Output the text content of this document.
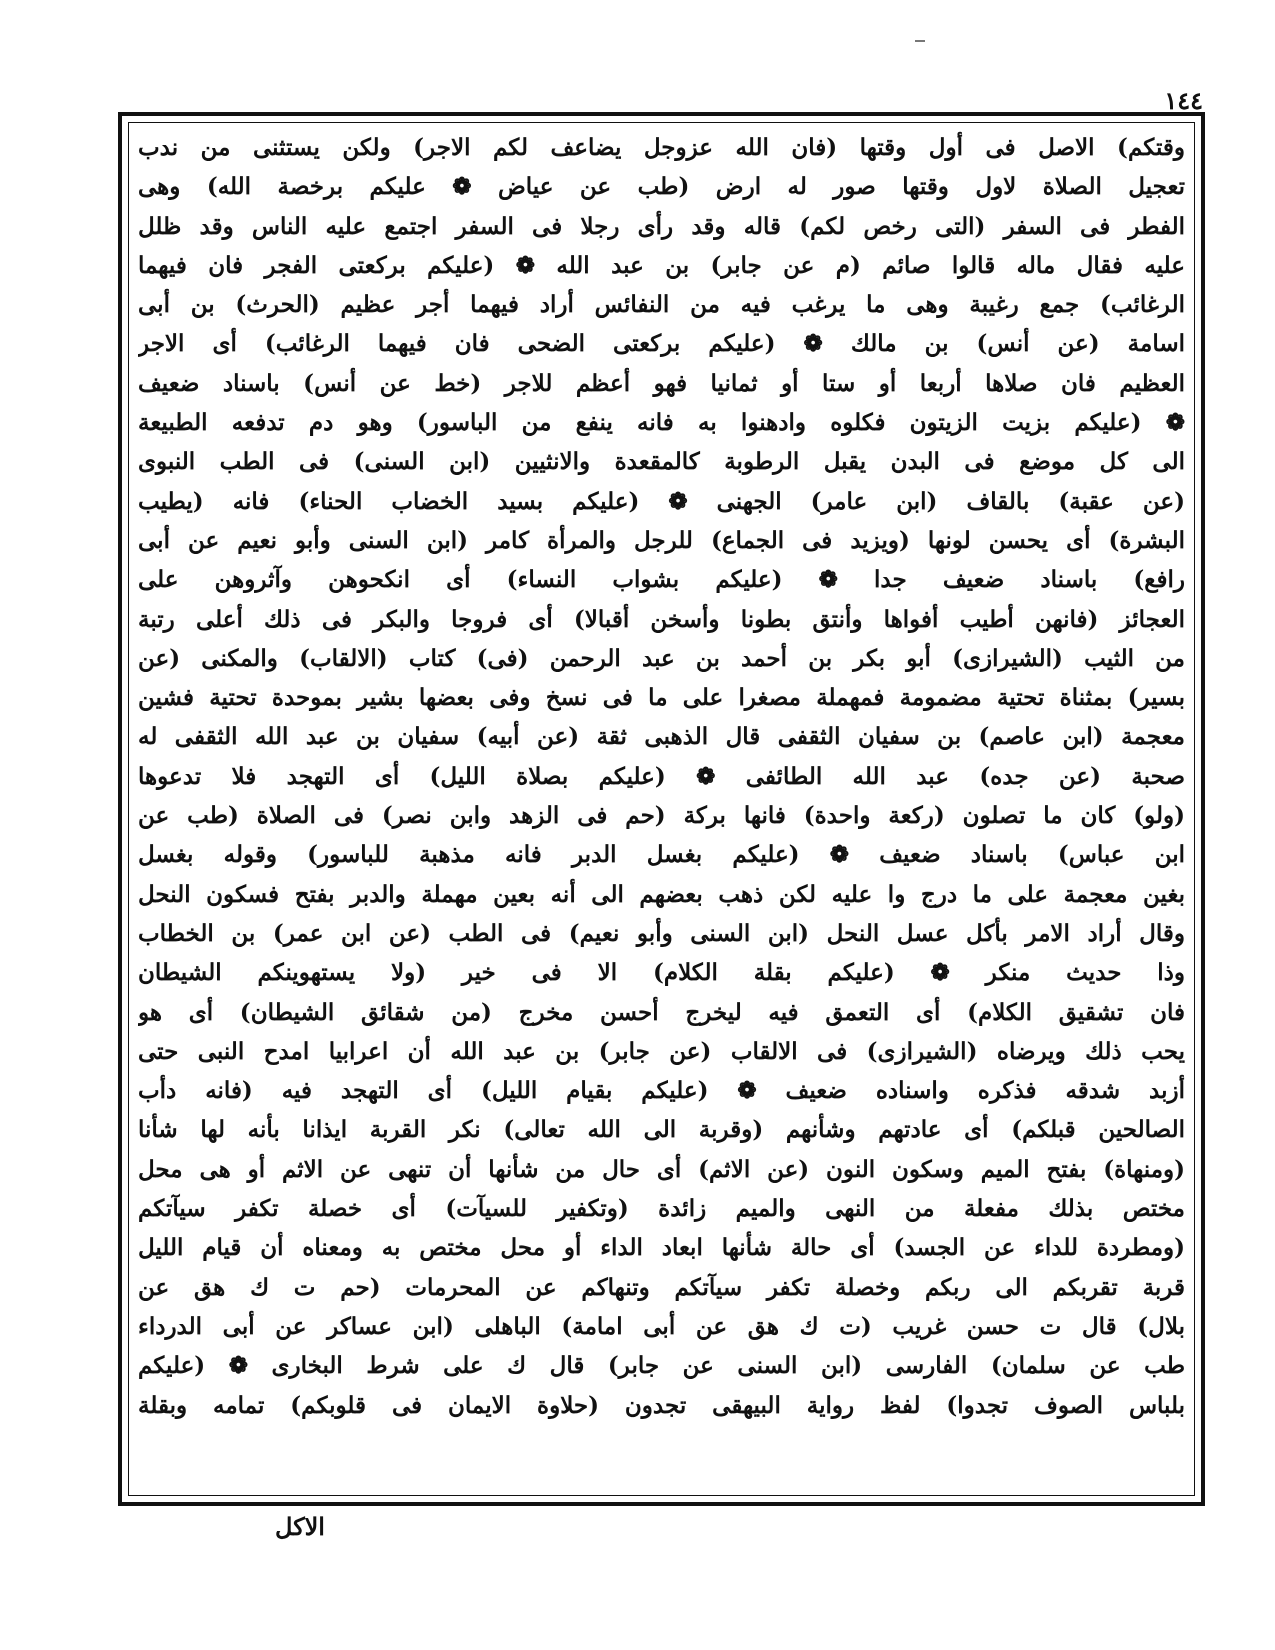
١٤٤
وقتكم) الاصل فى أول وقتها (فان الله عزوجل يضاعف لكم الاجر) ولكن يستثنى من ندب
تعجيل الصلاة لاول وقتها صور له ارض (طب عن عياض ❁ عليكم برخصة الله) وهى
الفطر فى السفر (التى رخص لكم) قاله وقد رأى رجلا فى السفر اجتمع عليه الناس وقد ظلل
عليه فقال ماله قالوا صائم (م عن جابر) بن عبد الله ❁ (عليكم بركعتى الفجر فان فيهما
الرغائب) جمع رغيبة وهى ما يرغب فيه من النفائس أراد فيهما أجر عظيم (الحرث) بن أبى
اسامة (عن أنس) بن مالك ❁ (عليكم بركعتى الضحى فان فيهما الرغائب) أى الاجر
العظيم فان صلاها أربعا أو ستا أو ثمانيا فهو أعظم للاجر (خط عن أنس) باسناد ضعيف
❁ (عليكم بزيت الزيتون فكلوه وادهنوا به فانه ينفع من الباسور) وهو دم تدفعه الطبيعة
الى كل موضع فى البدن يقبل الرطوبة كالمقعدة والانثيين (ابن السنى) فى الطب النبوى
(عن عقبة) بالقاف (ابن عامر) الجهنى ❁ (عليكم بسيد الخضاب الحناء) فانه (يطيب
البشرة) أى يحسن لونها (ويزيد فى الجماع) للرجل والمرأة كامر (ابن السنى وأبو نعيم عن أبى
رافع) باسناد ضعيف جدا ❁ (عليكم بشواب النساء) أى انكحوهن وآثروهن على
العجائز (فانهن أطيب أفواها وأنتق بطونا وأسخن أقبالا) أى فروجا والبكر فى ذلك أعلى رتبة
من الثيب (الشيرازى) أبو بكر بن أحمد بن عبد الرحمن (فى) كتاب (الالقاب) والمكنى (عن
بسير) بمثناة تحتية مضمومة فمهملة مصغرا على ما فى نسخ وفى بعضها بشير بموحدة تحتية فشين
معجمة (ابن عاصم) بن سفيان الثقفى قال الذهبى ثقة (عن أبيه) سفيان بن عبد الله الثقفى له
صحبة (عن جده) عبد الله الطائفى ❁ (عليكم بصلاة الليل) أى التهجد فلا تدعوها
(ولو) كان ما تصلون (ركعة واحدة) فانها بركة (حم فى الزهد وابن نصر) فى الصلاة (طب عن
ابن عباس) باسناد ضعيف ❁ (عليكم بغسل الدبر فانه مذهبة للباسور) وقوله بغسل
بغين معجمة على ما درج وا عليه لكن ذهب بعضهم الى أنه بعين مهملة والدبر بفتح فسكون النحل
وقال أراد الامر بأكل عسل النحل (ابن السنى وأبو نعيم) فى الطب (عن ابن عمر) بن الخطاب
وذا حديث منكر ❁ (عليكم بقلة الكلام) الا فى خير (ولا يستهوينكم الشيطان
فان تشقيق الكلام) أى التعمق فيه ليخرج أحسن مخرج (من شقائق الشيطان) أى هو
يحب ذلك ويرضاه (الشيرازى) فى الالقاب (عن جابر) بن عبد الله أن اعرابيا امدح النبى حتى
أزبد شدقه فذكره واسناده ضعيف ❁ (عليكم بقيام الليل) أى التهجد فيه (فانه دأب
الصالحين قبلكم) أى عادتهم وشأنهم (وقربة الى الله تعالى) نكر القربة ايذانا بأنه لها شأنا
(ومنهاة) بفتح الميم وسكون النون (عن الاثم) أى حال من شأنها أن تنهى عن الاثم أو هى محل
مختص بذلك مفعلة من النهى والميم زائدة (وتكفير للسيآت) أى خصلة تكفر سيآتكم
(ومطردة للداء عن الجسد) أى حالة شأنها ابعاد الداء أو محل مختص به ومعناه أن قيام الليل
قربة تقربكم الى ربكم وخصلة تكفر سيآتكم وتنهاكم عن المحرمات (حم ت ك هق عن
بلال) قال ت حسن غريب (ت ك هق عن أبى امامة) الباهلى (ابن عساكر عن أبى الدرداء
طب عن سلمان) الفارسى (ابن السنى عن جابر) قال ك على شرط البخارى ❁ (عليكم
بلباس الصوف تجدوا) لفظ رواية البيهقى تجدون (حلاوة الايمان فى قلوبكم) تمامه وبقلة
الاكل
